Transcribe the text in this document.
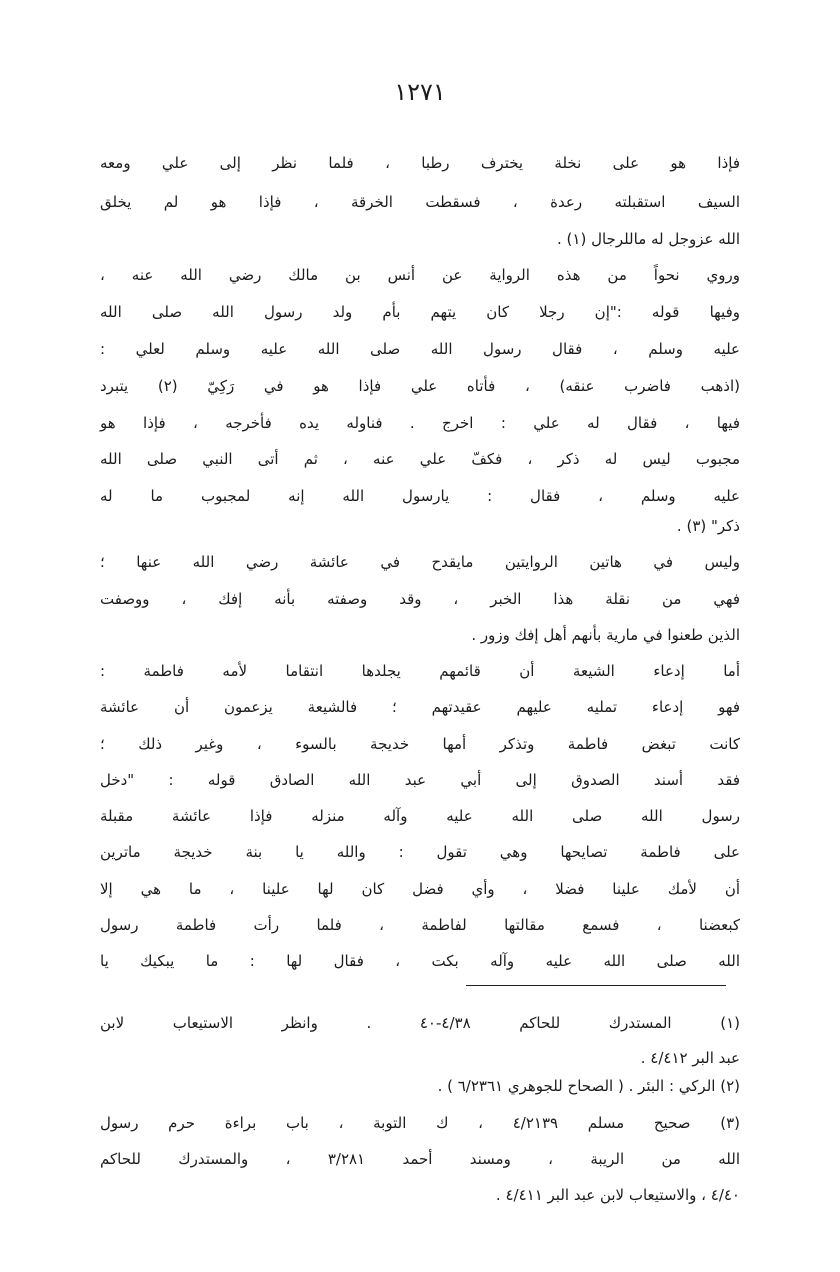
١٢٧١
فإذا هو على نخلة يخترف رطبا ، فلما نظر إلى علي ومعه
السيف استقبلته رعدة ، فسقطت الخرقة ، فإذا هو لم يخلق
الله عزوجل له ماللرجال (١) .
وروي نحواً من هذه الرواية عن أنس بن مالك رضي الله عنه ،
وفيها قوله :"إن رجلا كان يتهم بأم ولد رسول الله صلى الله
عليه وسلم ، فقال رسول الله صلى الله عليه وسلم لعلي :
(اذهب فاضرب عنقه) ، فأتاه علي فإذا هو في رَكِيّ (٢) يتبرد
فيها ، فقال له علي : اخرج . فناوله يده فأخرجه ، فإذا هو
مجبوب ليس له ذكر ، فكفّ علي عنه ، ثم أتى النبي صلى الله
عليه وسلم ، فقال : يارسول الله إنه لمجبوب ما له
ذكر" (٣) .
وليس في هاتين الروايتين مايقدح في عائشة رضي الله عنها ؛
فهي من نقلة هذا الخبر ، وقد وصفته بأنه إفك ، ووصفت
الذين طعنوا في مارية بأنهم أهل إفك وزور .
أما إدعاء الشيعة أن قائمهم يجلدها انتقاما لأمه فاطمة :
فهو إدعاء تمليه عليهم عقيدتهم ؛ فالشيعة يزعمون أن عائشة
كانت تبغض فاطمة وتذكر أمها خديجة بالسوء ، وغير ذلك ؛
فقد أسند الصدوق إلى أبي عبد الله الصادق قوله : "دخل
رسول الله صلى الله عليه وآله منزله فإذا عائشة مقبلة
على فاطمة تصايحها وهي تقول : والله يا بنة خديجة ماترين
أن لأمك علينا فضلا ، وأي فضل كان لها علينا ، ما هي إلا
كبعضنا ، فسمع مقالتها لفاطمة ، فلما رأت فاطمة رسول
الله صلى الله عليه وآله بكت ، فقال لها : ما يبكيك يا
(١) المستدرك للحاكم ٤/٣٨-٤٠ . وانظر الاستيعاب لابن
عبد البر ٤/٤١٢ .
(٢) الركي : البئر . ( الصحاح للجوهري ٦/٢٣٦١ ) .
(٣) صحيح مسلم ٤/٢١٣٩ ، ك التوبة ، باب براءة حرم رسول
الله من الريبة ، ومسند أحمد ٣/٢٨١ ، والمستدرك للحاكم
٤/٤٠ ، والاستيعاب لابن عبد البر ٤/٤١١ .
